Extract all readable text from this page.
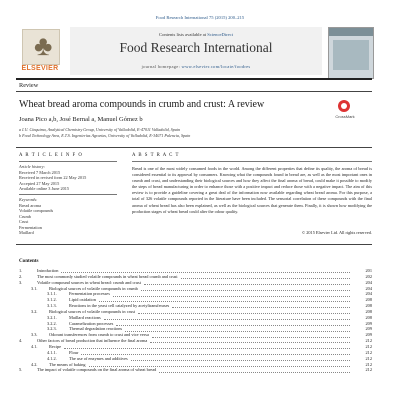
Food Research International 75 (2015) 200–215
♣
ELSEVIER
Contents lists available at ScienceDirect
Food Research International
journal homepage: www.elsevier.com/locate/foodres
Review
Wheat bread aroma compounds in crumb and crust: A review
CrossMark
Joana Pico a,b, José Bernal a, Manuel Gómez b
a I.U. Cinquima, Analytical Chemistry Group, University of Valladolid, E-47011 Valladolid, Spain
b Food Technology Area, E.T.S. Ingenierías Agrarias, University of Valladolid, E-34071 Palencia, Spain
A R T I C L E I N F O
Article history:
Received 7 March 2015
Received in revised form 22 May 2015
Accepted 27 May 2015
Available online 3 June 2015
Keywords:
Bread aroma
Volatile compounds
Crumb
Crust
Fermentation
Maillard
A B S T R A C T
Bread is one of the most widely consumed foods in the world. Among the different properties that define its quality, the aroma of bread is considered essential to its approval by consumers. Knowing what the compounds found in bread are, as well as the most important ones in crumb and crust, and understanding their biological sources and how they affect the final aroma of bread, could make it possible to modify the steps of bread manufacturing in order to enhance those with a positive impact and reduce those with a negative impact. The aim of this review is to provide a guideline covering a great deal of the information now available regarding wheat bread aroma. For this purpose, a total of 326 volatile compounds reported in the literature have been included. The sensorial correlation of these compounds with the final aroma of wheat bread has also been explained, as well as the biological sources that generate them. Finally, it is shown how modifying the production stages of wheat bread could alter the odour quality.
© 2015 Elsevier Ltd. All rights reserved.
Contents
1.	Introduction	201
2.	The most commonly studied volatile compounds in wheat bread crumb and crust	202
3.	Volatile compound sources in wheat bread: crumb and crust	204
3.1.	Biological sources of volatile compounds in crumb	204
3.1.1.	Fermentation processes	204
3.1.2.	Lipid oxidation	208
3.1.3.	Reactions in the yeast cell catalyzed by acetyltransferases	208
3.2.	Biological sources of volatile compounds in crust	208
3.2.1.	Maillard reactions	208
3.2.2.	Caramelization processes	209
3.2.3.	Thermal degradation reactions	209
3.3.	Odorant transferences from crumb to crust and vice versa	209
4.	Other factors of bread production that influence the final aroma	212
4.1.	Recipe	212
4.1.1.	Flour	212
4.1.2.	The use of enzymes and additives	212
4.2.	The means of baking	212
5.	The impact of volatile compounds on the final aroma of wheat bread	212
